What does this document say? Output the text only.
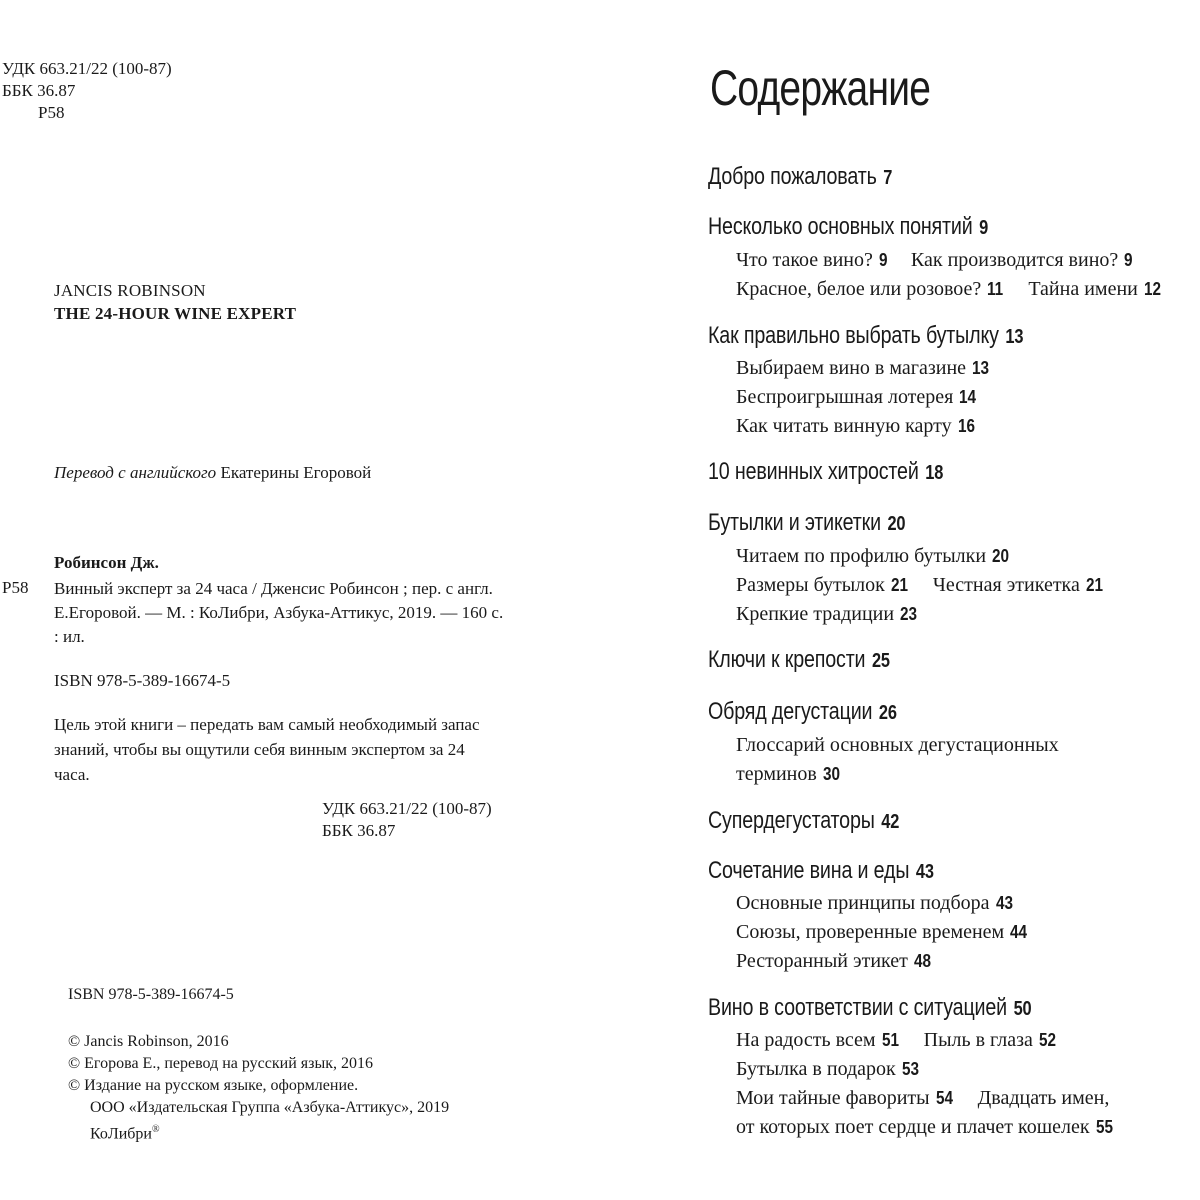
УДК 663.21/22 (100-87)
ББК 36.87
Р58
JANCIS ROBINSON
THE 24-HOUR WINE EXPERT
Перевод с английского Екатерины Егоровой
Робинсон Дж.
Р58 Винный эксперт за 24 часа / Дженсис Робинсон ; пер. с англ. Е.Егоровой. — М. : КоЛибри, Азбука-Аттикус, 2019. — 160 с. : ил.
ISBN 978-5-389-16674-5
Цель этой книги – передать вам самый необходимый запас знаний, чтобы вы ощутили себя винным экспертом за 24 часа.
УДК 663.21/22 (100-87)
ББК 36.87
ISBN 978-5-389-16674-5
© Jancis Robinson, 2016
© Егорова Е., перевод на русский язык, 2016
© Издание на русском языке, оформление.
ООО «Издательская Группа «Азбука-Аттикус», 2019
КоЛибри®
Содержание
Добро пожаловать 7
Несколько основных понятий 9
Что такое вино? 9 Как производится вино? 9
Красное, белое или розовое? 11 Тайна имени 12
Как правильно выбрать бутылку 13
Выбираем вино в магазине 13
Беспроигрышная лотерея 14
Как читать винную карту 16
10 невинных хитростей 18
Бутылки и этикетки 20
Читаем по профилю бутылки 20
Размеры бутылок 21 Честная этикетка 21
Крепкие традиции 23
Ключи к крепости 25
Обряд дегустации 26
Глоссарий основных дегустационных
терминов 30
Супердегустаторы 42
Сочетание вина и еды 43
Основные принципы подбора 43
Союзы, проверенные временем 44
Ресторанный этикет 48
Вино в соответствии с ситуацией 50
На радость всем 51 Пыль в глаза 52
Бутылка в подарок 53
Мои тайные фавориты 54 Двадцать имен,
от которых поет сердце и плачет кошелек 55
